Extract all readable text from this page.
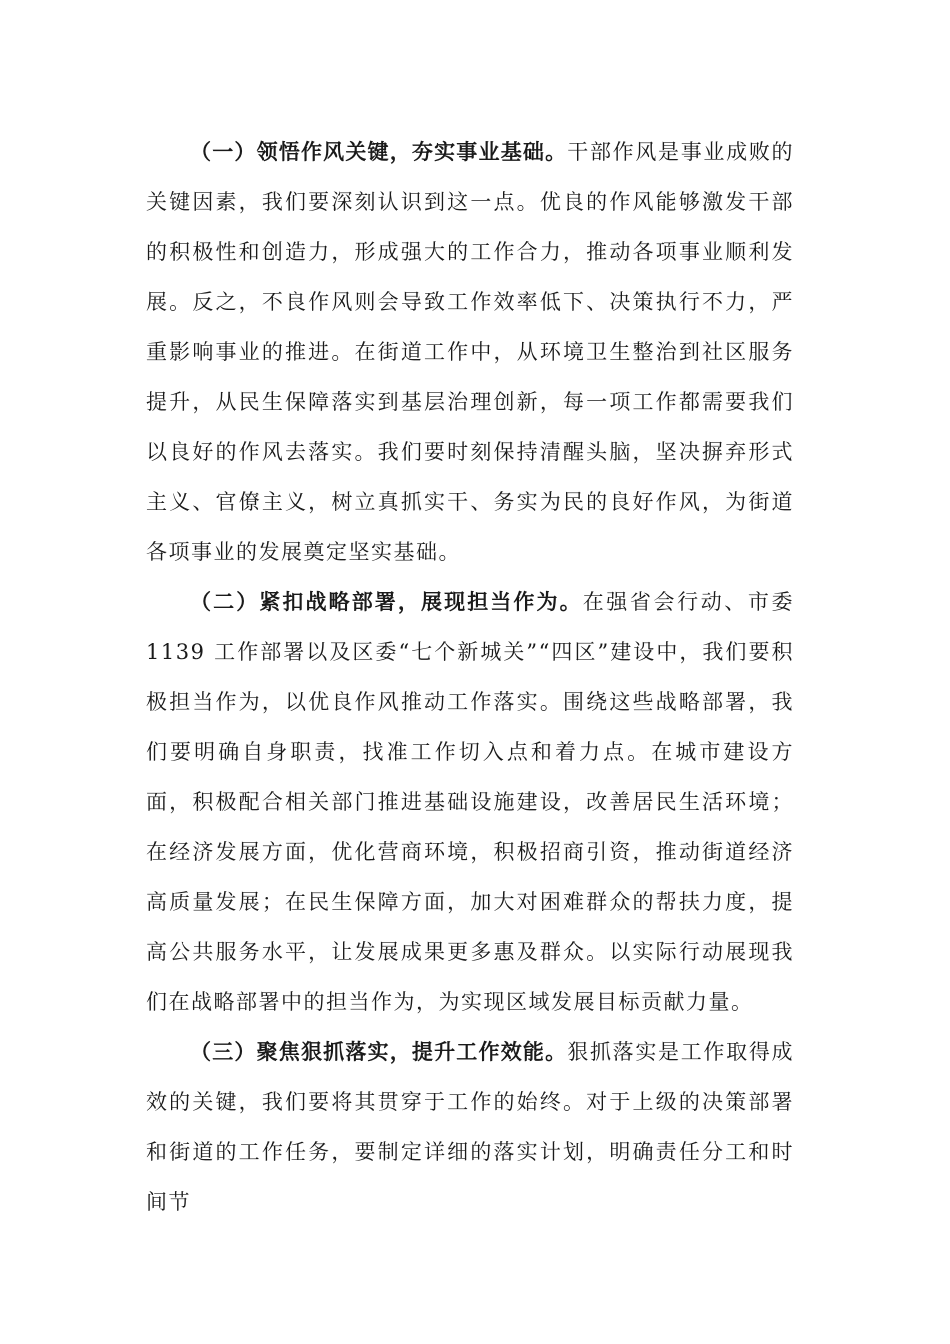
（一）领悟作风关键，夯实事业基础。干部作风是事业成败的关键因素，我们要深刻认识到这一点。优良的作风能够激发干部的积极性和创造力，形成强大的工作合力，推动各项事业顺利发展。反之，不良作风则会导致工作效率低下、决策执行不力，严重影响事业的推进。在街道工作中，从环境卫生整治到社区服务提升，从民生保障落实到基层治理创新，每一项工作都需要我们以良好的作风去落实。我们要时刻保持清醒头脑，坚决摒弃形式主义、官僚主义，树立真抓实干、务实为民的良好作风，为街道各项事业的发展奠定坚实基础。

（二）紧扣战略部署，展现担当作为。在强省会行动、市委1139 工作部署以及区委“七个新城关”“四区”建设中，我们要积极担当作为，以优良作风推动工作落实。围绕这些战略部署，我们要明确自身职责，找准工作切入点和着力点。在城市建设方面，积极配合相关部门推进基础设施建设，改善居民生活环境；在经济发展方面，优化营商环境，积极招商引资，推动街道经济高质量发展；在民生保障方面，加大对困难群众的帮扶力度，提高公共服务水平，让发展成果更多惠及群众。以实际行动展现我们在战略部署中的担当作为，为实现区域发展目标贡献力量。

（三）聚焦狠抓落实，提升工作效能。狠抓落实是工作取得成效的关键，我们要将其贯穿于工作的始终。对于上级的决策部署和街道的工作任务，要制定详细的落实计划，明确责任分工和时间节
